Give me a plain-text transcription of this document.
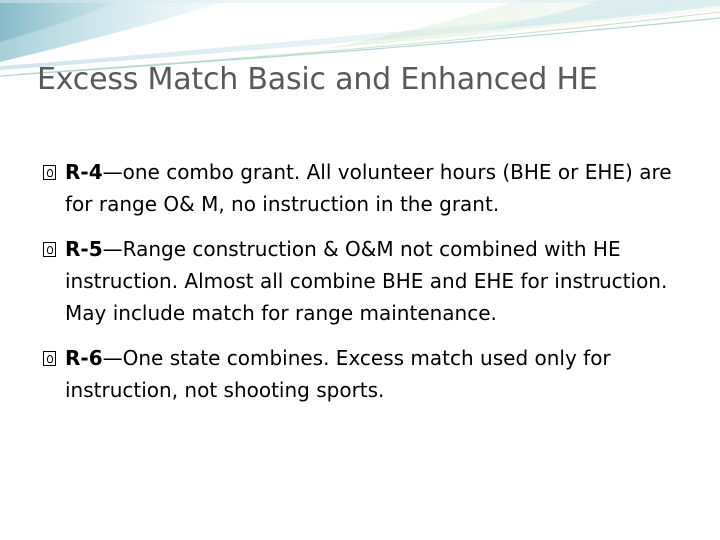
Excess Match Basic and Enhanced HE
R-4—one combo grant. All volunteer hours (BHE or EHE) are for range O& M, no instruction in the grant.
R-5—Range construction & O&M not combined with HE instruction. Almost all combine BHE and EHE for instruction. May include match for range maintenance.
R-6—One state combines. Excess match used only for instruction, not shooting sports.
